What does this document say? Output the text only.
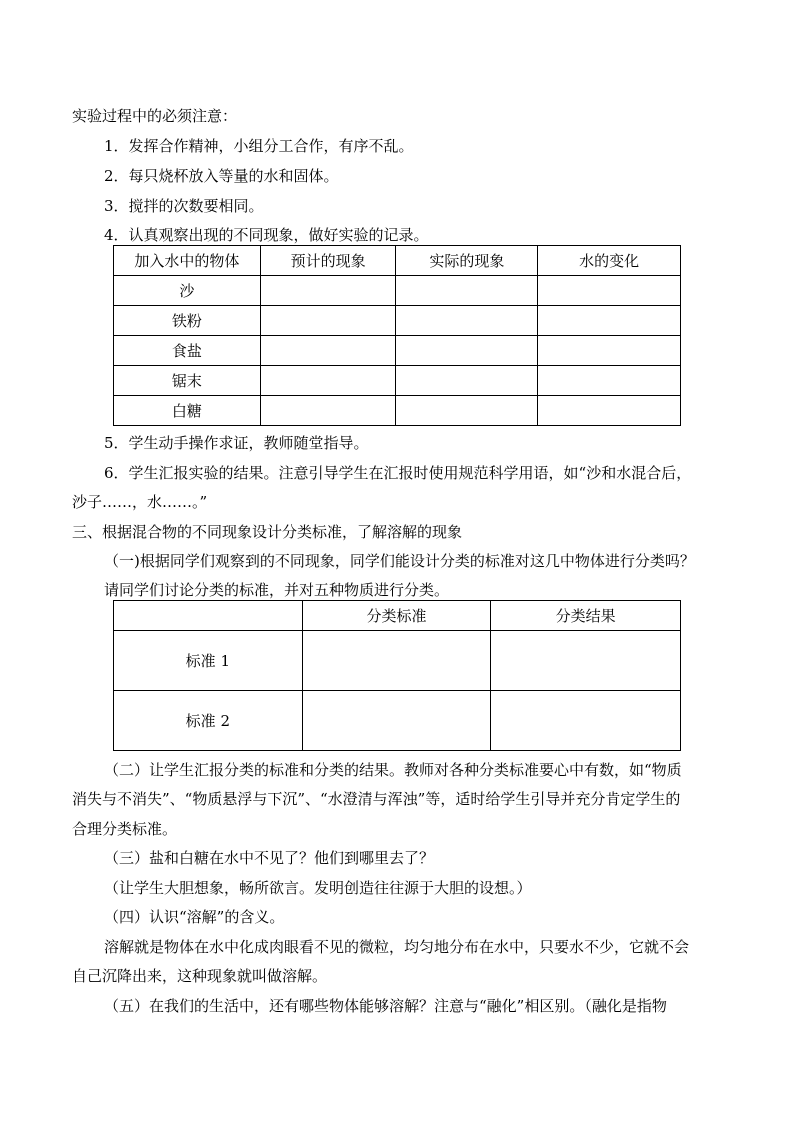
实验过程中的必须注意：
1．发挥合作精神，小组分工合作，有序不乱。
2．每只烧杯放入等量的水和固体。
3．搅拌的次数要相同。
4．认真观察出现的不同现象，做好实验的记录。
加入水中的物体	预计的现象	实际的现象	水的变化
沙			
铁粉			
食盐			
锯末			
白糖			
5．学生动手操作求证，教师随堂指导。
6．学生汇报实验的结果。注意引导学生在汇报时使用规范科学用语，如“沙和水混合后，
沙子……，水……。”
三、根据混合物的不同现象设计分类标准，了解溶解的现象
（一)根据同学们观察到的不同现象，同学们能设计分类的标准对这几中物体进行分类吗？
请同学们讨论分类的标准，并对五种物质进行分类。
	分类标准	分类结果
标准 1		
标准 2		
（二）让学生汇报分类的标准和分类的结果。教师对各种分类标准要心中有数，如“物质
消失与不消失”、“物质悬浮与下沉”、“水澄清与浑浊”等，适时给学生引导并充分肯定学生的
合理分类标准。
（三）盐和白糖在水中不见了？他们到哪里去了？
（让学生大胆想象，畅所欲言。发明创造往往源于大胆的设想。）
（四）认识“溶解”的含义。
溶解就是物体在水中化成肉眼看不见的微粒，均匀地分布在水中，只要水不少，它就不会
自己沉降出来，这种现象就叫做溶解。
（五）在我们的生活中，还有哪些物体能够溶解？注意与“融化”相区别。（融化是指物
